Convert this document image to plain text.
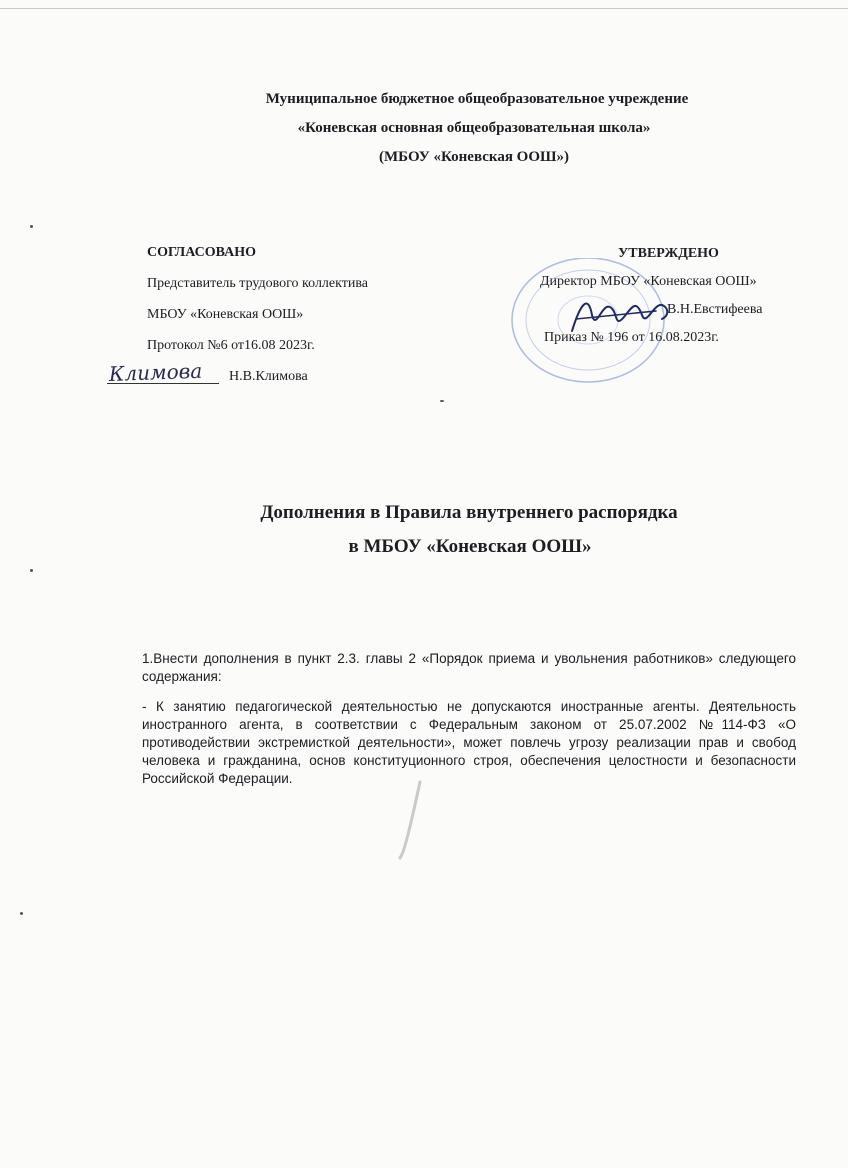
Муниципальное бюджетное общеобразовательное учреждение
«Коневская основная общеобразовательная школа»
(МБОУ «Коневская ООШ»)
СОГЛАСОВАНО
Представитель трудового коллектива
МБОУ «Коневская ООШ»
Протокол №6 от16.08 2023г.
Климова Н.В.Климова
УТВЕРЖДЕНО
Директор МБОУ «Коневская ООШ»
В.Н.Евстифеева
Приказ № 196 от 16.08.2023г.
Дополнения в Правила внутреннего распорядка
в МБОУ «Коневская ООШ»

1.Внести дополнения в пункт 2.3. главы 2 «Порядок приема и увольнения работников» следующего содержания:

- К занятию педагогической деятельностью не допускаются иностранные агенты. Деятельность иностранного агента, в соответствии с Федеральным законом от 25.07.2002 №114-ФЗ «О противодействии экстремисткой деятельности», может повлечь угрозу реализации прав и свобод человека и гражданина, основ конституционного строя, обеспечения целостности и безопасности Российской Федерации.
